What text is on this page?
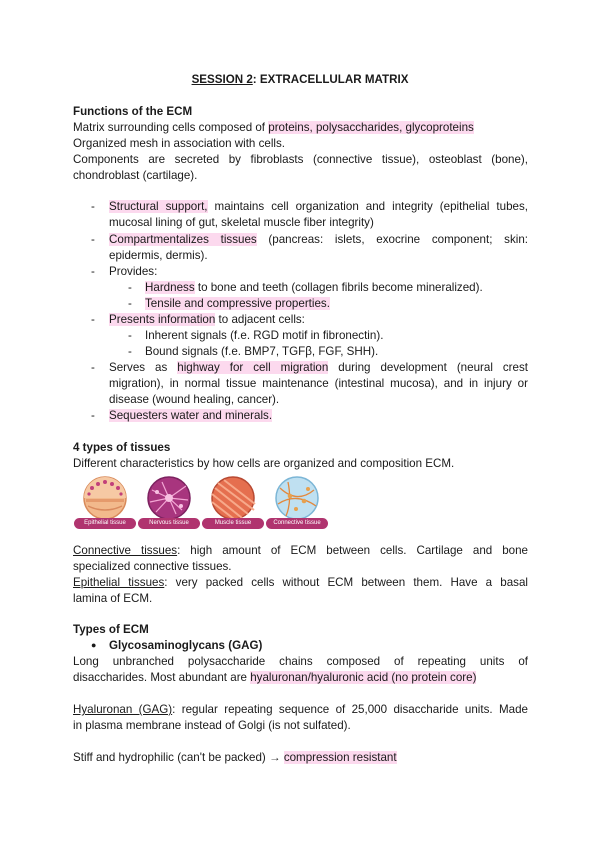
SESSION 2: EXTRACELLULAR MATRIX
Functions of the ECM
Matrix surrounding cells composed of proteins, polysaccharides, glycoproteins
Organized mesh in association with cells.
Components are secreted by fibroblasts (connective tissue), osteoblast (bone),
chondroblast (cartilage).
- Structural support, maintains cell organization and integrity (epithelial tubes,
mucosal lining of gut, skeletal muscle fiber integrity)
- Compartmentalizes tissues (pancreas: islets, exocrine component; skin:
epidermis, dermis).
- Provides:
- Hardness to bone and teeth (collagen fibrils become mineralized).
- Tensile and compressive properties.
- Presents information to adjacent cells:
- Inherent signals (f.e. RGD motif in fibronectin).
- Bound signals (f.e. BMP7, TGFβ, FGF, SHH).
- Serves as highway for cell migration during development (neural crest
migration), in normal tissue maintenance (intestinal mucosa), and in injury or
disease (wound healing, cancer).
- Sequesters water and minerals.
4 types of tissues
Different characteristics by how cells are organized and composition ECM.
Epithelial tissue	Nervous tissue	Muscle tissue	Connective tissue
Connective tissues: high amount of ECM between cells. Cartilage and bone
specialized connective tissues.
Epithelial tissues: very packed cells without ECM between them. Have a basal
lamina of ECM.
Types of ECM
● Glycosaminoglycans (GAG)
Long unbranched polysaccharide chains composed of repeating units of
disaccharides. Most abundant are hyaluronan/hyaluronic acid (no protein core)
Hyaluronan (GAG): regular repeating sequence of 25,000 disaccharide units. Made
in plasma membrane instead of Golgi (is not sulfated).
Stiff and hydrophilic (can't be packed) → compression resistant
